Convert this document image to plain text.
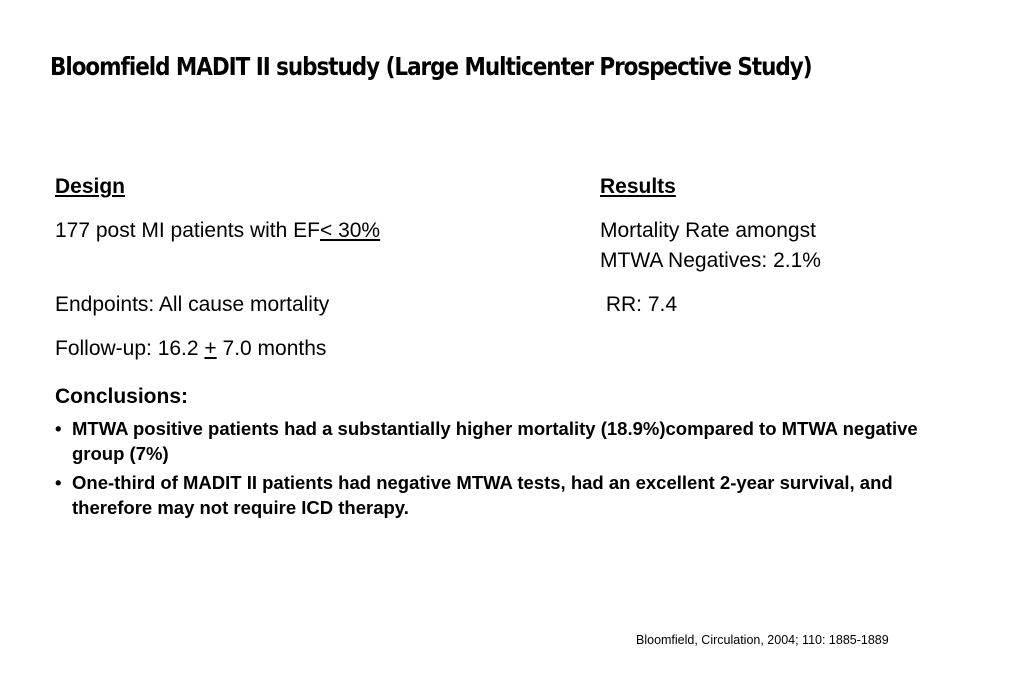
Bloomfield MADIT II substudy (Large Multicenter Prospective Study)
Design
177 post MI patients with EF< 30%
Endpoints: All cause mortality
Follow-up: 16.2 + 7.0 months
Results
Mortality Rate amongst
MTWA Negatives: 2.1%
RR: 7.4
Conclusions:
• MTWA positive patients had a substantially higher mortality (18.9%)compared to MTWA negative group (7%)
• One-third of MADIT II patients had negative MTWA tests, had an excellent 2-year survival, and therefore may not require ICD therapy.
Bloomfield, Circulation, 2004; 110: 1885-1889
